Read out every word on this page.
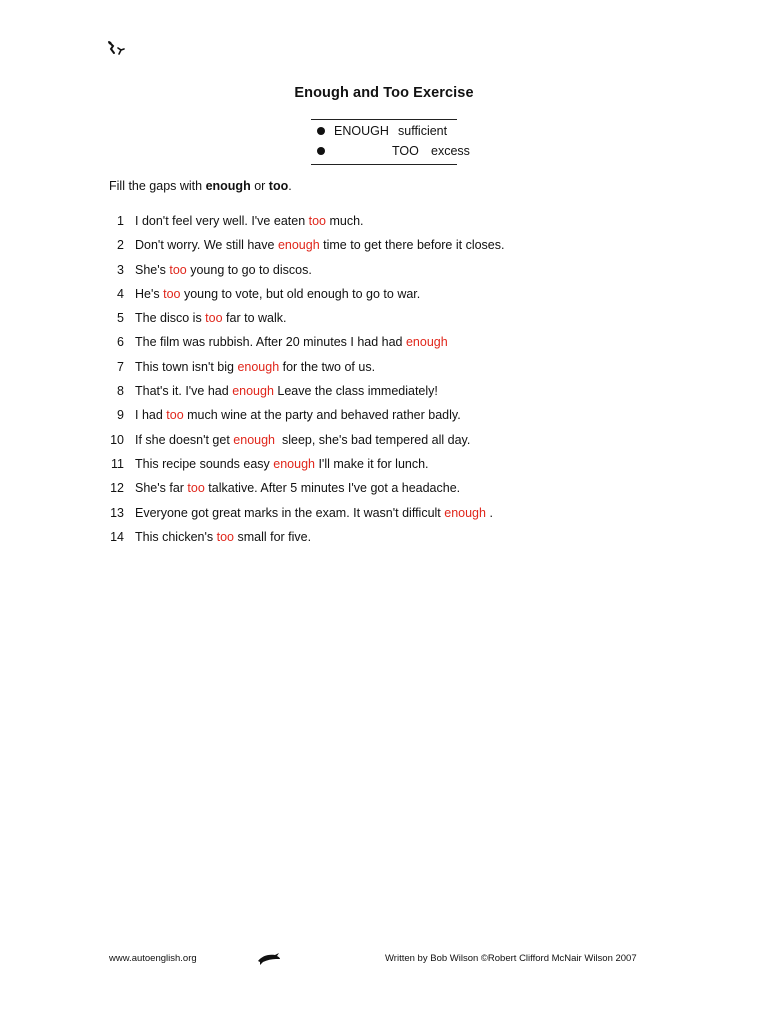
Enough and Too Exercise
ENOUGH sufficient
TOO excess

Fill the gaps with enough or too.

1 I don't feel very well. I've eaten too much.
2 Don't worry. We still have enough time to get there before it closes.
3 She's too young to go to discos.
4 He's too young to vote, but old enough to go to war.
5 The disco is too far to walk.
6 The film was rubbish. After 20 minutes I had had enough
7 This town isn't big enough for the two of us.
8 That's it. I've had enough Leave the class immediately!
9 I had too much wine at the party and behaved rather badly.
10 If she doesn't get enough  sleep, she's bad tempered all day.
11 This recipe sounds easy enough I'll make it for lunch.
12 She's far too talkative. After 5 minutes I've got a headache.
13 Everyone got great marks in the exam. It wasn't difficult enough .
14 This chicken's too small for five.

www.autoenglish.org	Written by Bob Wilson ©Robert Clifford McNair Wilson 2007
